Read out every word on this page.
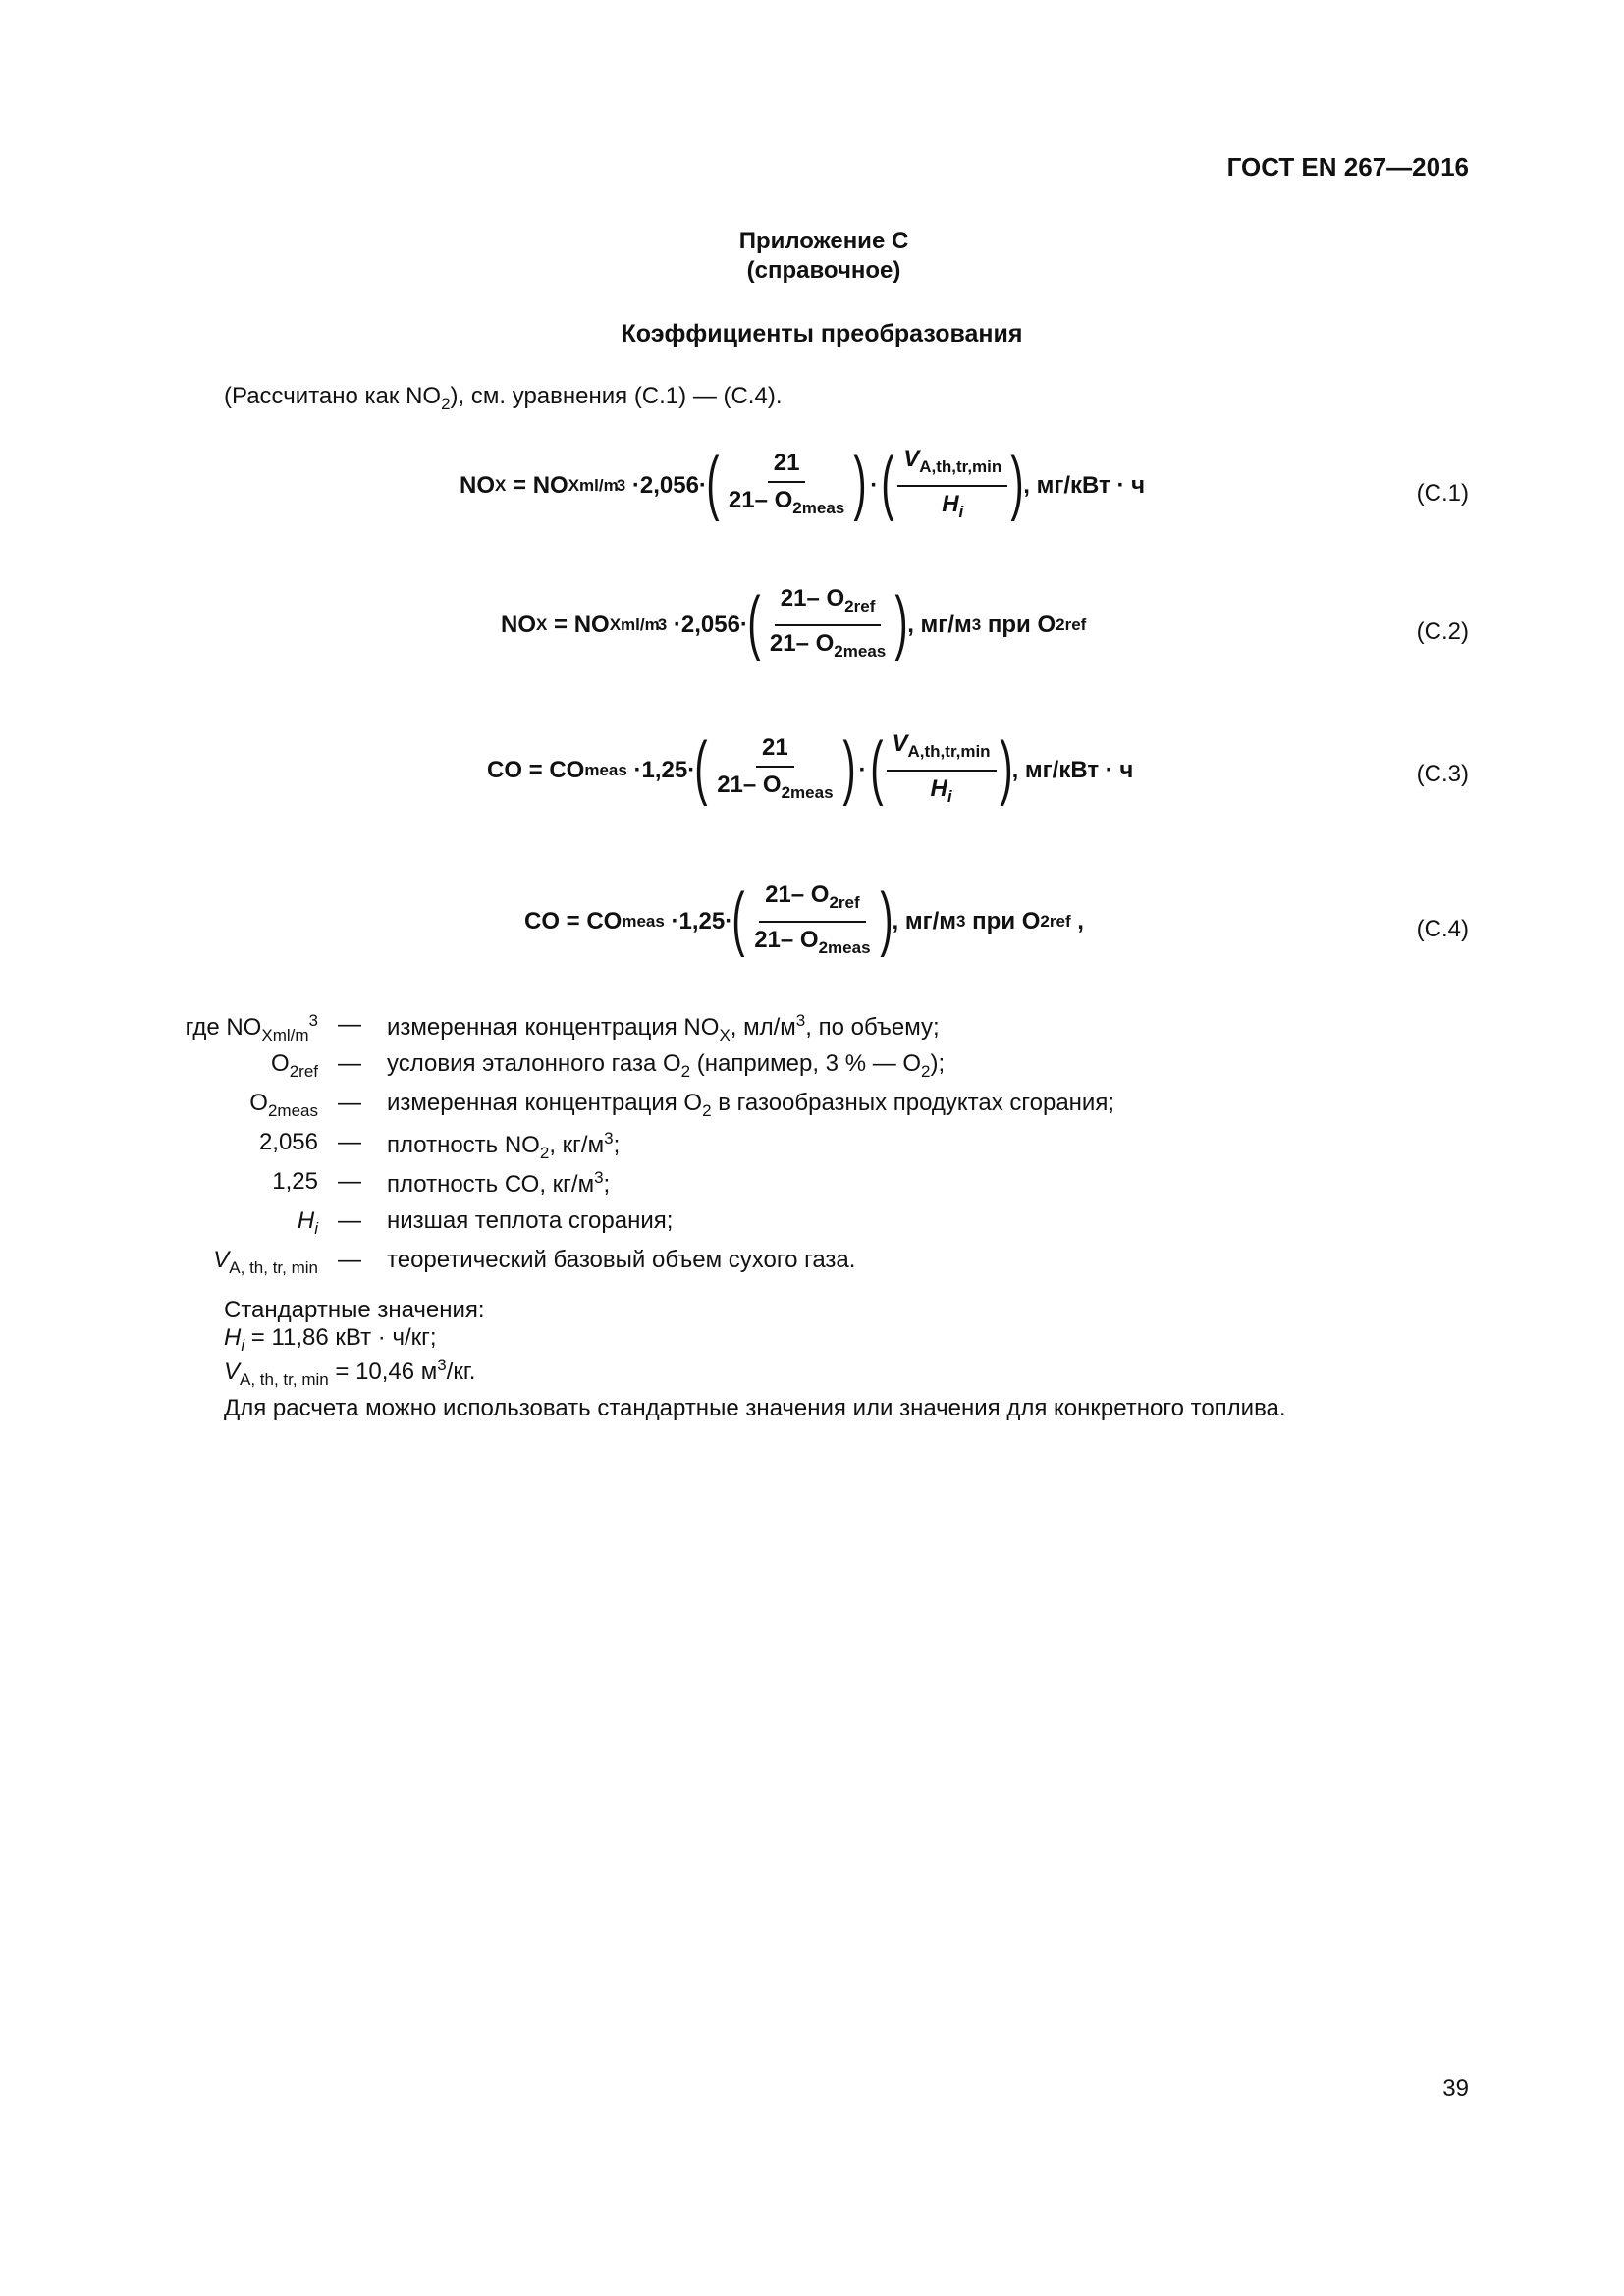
ГОСТ EN 267—2016
Приложение C
(справочное)
Коэффициенты преобразования
(Рассчитано как $NO_2$), см. уравнения (С.1) — (С.4).
NO X = NO Xml/m
3 ·2,056· ( $\frac{21}{21- O_{2meas}}$ ) · ( $\frac{V_{A,th,tr,min}}{H_i}$ ) , мг/кВт · ч	(С.1)
NO X = NO Xml/m
3 ·2,056· ( $\frac{21- O_{2ref}}{21- O_{2meas}}$ ) , мг/м 3 при O 2ref	(С.2)
CO = CO meas ·1,25· ( $\frac{21}{21- O_{2meas}}$ ) · ( $\frac{V_{A,th,tr,min}}{H_i}$ ) , мг/кВт · ч	(С.3)
CO = CO meas ·1,25· ( $\frac{21- O_{2ref}}{21- O_{2meas}}$ ) , мг/м 3 при O 2ref ,	(С.4)
где $NO_{Xml/m}^3$ — измеренная концентрация $NO_X$, $мл/м^3$, по объему;
$O_{2ref}$ — условия эталонного газа $O_2$ (например, 3 % — $O_2$);
$O_{2meas}$ — измеренная концентрация $O_2$ в газообразных продуктах сгорания;
2,056 — плотность $NO_2$, $кг/м^3$;
1,25 — плотность СО, $кг/м^3$;
$H_i$ — низшая теплота сгорания;
$V_{A, th, tr, min}$ — теоретический базовый объем сухого газа.
Стандартные значения:
$H_i = 11,86$ кВт · ч/кг;
$V_{A, th, tr, min} = 10,46$ $м^3/кг$.
Для расчета можно использовать стандартные значения или значения для конкретного топлива.
39
